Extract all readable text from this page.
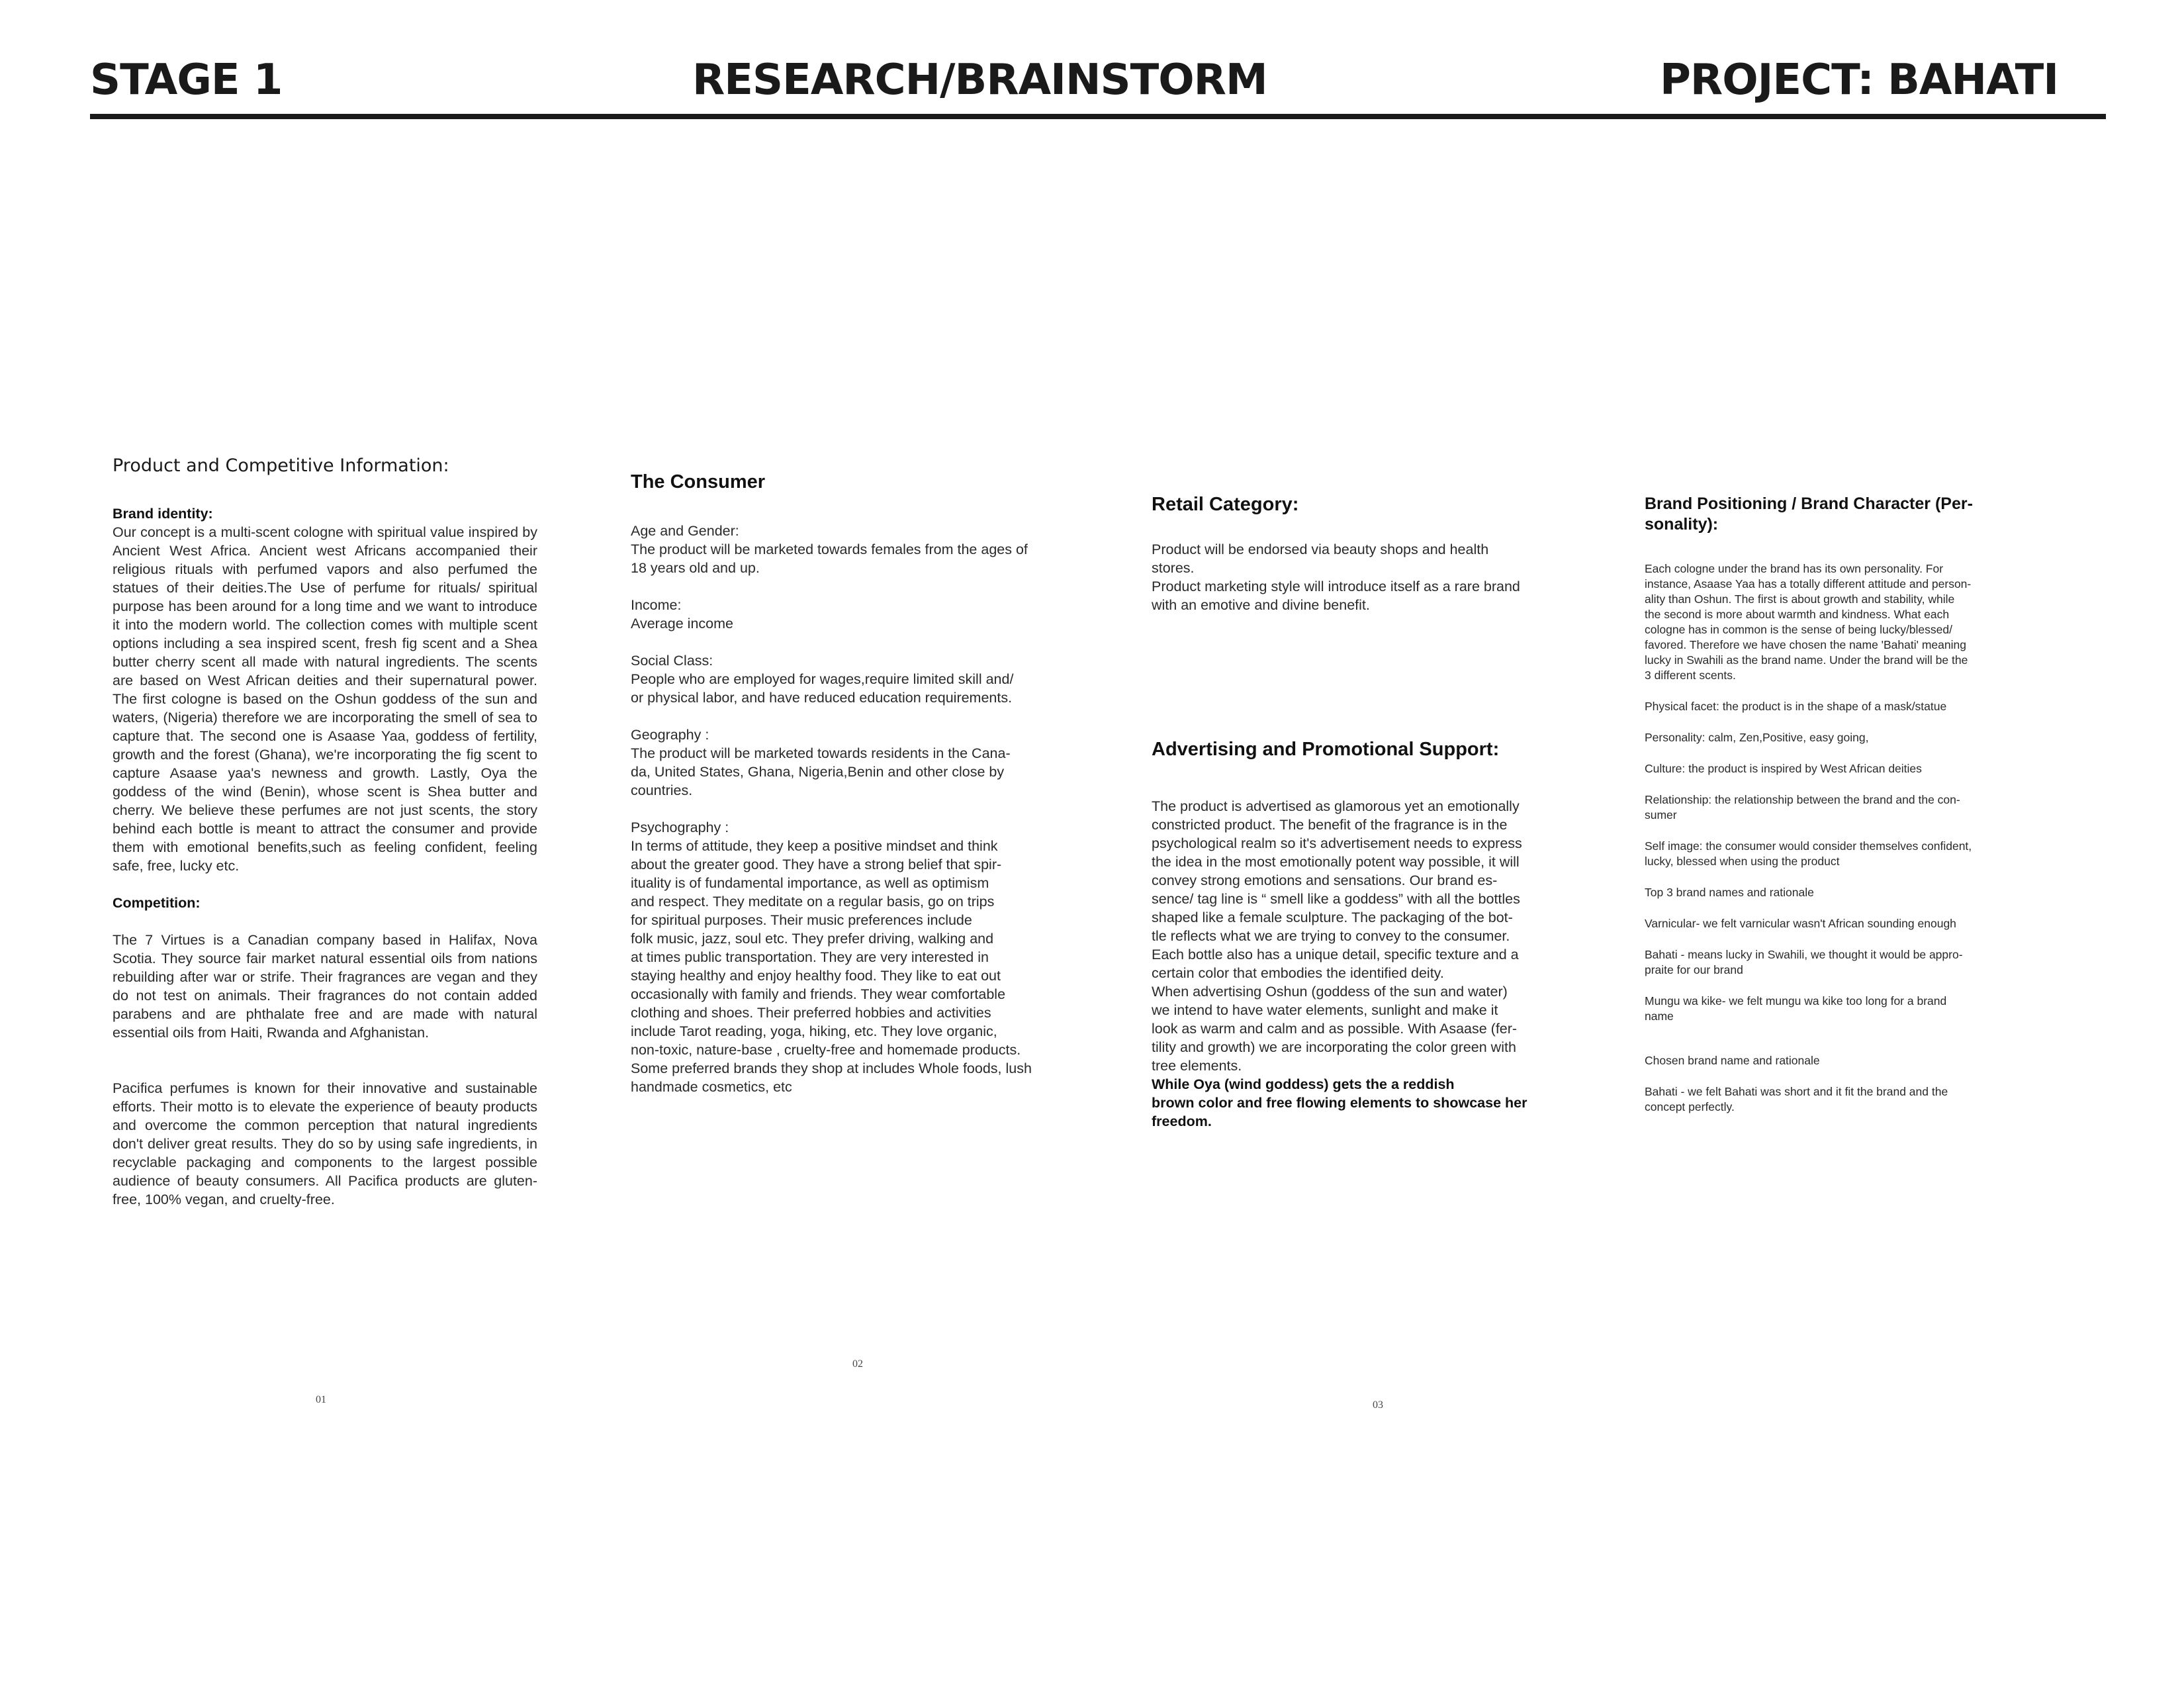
STAGE 1	RESEARCH/BRAINSTORM	PROJECT: BAHATI

Product and Competitive Information:

Brand identity:

Our concept is a multi-scent cologne with spiritual value inspired by Ancient West Africa. Ancient west Africans accompanied their religious rituals with perfumed vapors and also perfumed the statues of their deities.The Use of perfume for rituals/ spiritual purpose has been around for a long time and we want to introduce it into the modern world. The collection comes with multiple scent options including a sea inspired scent, fresh fig scent and a Shea butter cherry scent all made with natural ingredients. The scents are based on West African deities and their supernatural power. The first cologne is based on the Oshun goddess of the sun and waters, (Nigeria) therefore we are incorporating the smell of sea to capture that. The second one is Asaase Yaa, goddess of fertility, growth and the forest (Ghana), we're incorporating the fig scent to capture Asaase yaa's newness and growth. Lastly, Oya the goddess of the wind (Benin), whose scent is Shea butter and cherry. We believe these perfumes are not just scents, the story behind each bottle is meant to attract the consumer and provide them with emotional benefits,such as feeling confident, feeling safe, free, lucky etc.

Competition:

The 7 Virtues is a Canadian company based in Halifax, Nova Scotia. They source fair market natural essential oils from nations rebuilding after war or strife. Their fragrances are vegan and they do not test on animals. Their fragrances do not contain added parabens and are phthalate free and are made with natural essential oils from Haiti, Rwanda and Afghanistan.

Pacifica perfumes is known for their innovative and sustainable efforts. Their motto is to elevate the experience of beauty products and overcome the common perception that natural ingredients don't deliver great results. They do so by using safe ingredients, in recyclable packaging and components to the largest possible audience of beauty consumers. All Pacifica products are gluten-free, 100% vegan, and cruelty-free.

01

The Consumer

Age and Gender:

The product will be marketed towards females from the ages of
18 years old and up.

Income:

Average income

Social Class:

People who are employed for wages,require limited skill and/
or physical labor, and have reduced education requirements.

Geography :

The product will be marketed towards residents in the Cana-
da, United States, Ghana, Nigeria,Benin and other close by
countries.

Psychography :

In terms of attitude, they keep a positive mindset and think
about the greater good. They have a strong belief that spir-
ituality is of fundamental importance, as well as optimism
and respect. They meditate on a regular basis, go on trips
for spiritual purposes. Their music preferences include
folk music, jazz, soul etc. They prefer driving, walking and
at times public transportation. They are very interested in
staying healthy and enjoy healthy food. They like to eat out
occasionally with family and friends. They wear comfortable
clothing and shoes. Their preferred hobbies and activities
include Tarot reading, yoga, hiking, etc. They love organic,
non-toxic, nature-base , cruelty-free and homemade products.
Some preferred brands they shop at includes Whole foods, lush
handmade cosmetics, etc

02

Retail Category:

Product will be endorsed via beauty shops and health
stores.
Product marketing style will introduce itself as a rare brand
with an emotive and divine benefit.

Advertising and Promotional Support:

The product is advertised as glamorous yet an emotionally
constricted product. The benefit of the fragrance is in the
psychological realm so it's advertisement needs to express
the idea in the most emotionally potent way possible, it will
convey strong emotions and sensations. Our brand es-
sence/ tag line is “ smell like a goddess” with all the bottles
shaped like a female sculpture. The packaging of the bot-
tle reflects what we are trying to convey to the consumer.
Each bottle also has a unique detail, specific texture and a
certain color that embodies the identified deity.
When advertising Oshun (goddess of the sun and water)
we intend to have water elements, sunlight and make it
look as warm and calm and as possible. With Asaase (fer-
tility and growth) we are incorporating the color green with
tree elements.

While Oya (wind goddess) gets the a reddish
brown color and free flowing elements to showcase her
freedom.

03

Brand Positioning / Brand Character (Per-
sonality):

Each cologne under the brand has its own personality. For
instance, Asaase Yaa has a totally different attitude and person-
ality than Oshun. The first is about growth and stability, while
the second is more about warmth and kindness. What each
cologne has in common is the sense of being lucky/blessed/
favored. Therefore we have chosen the name 'Bahati' meaning
lucky in Swahili as the brand name. Under the brand will be the
3 different scents.

Physical facet: the product is in the shape of a mask/statue

Personality: calm, Zen,Positive, easy going,

Culture: the product is inspired by West African deities

Relationship: the relationship between the brand and the con-
sumer

Self image: the consumer would consider themselves confident,
lucky, blessed when using the product

Top 3 brand names and rationale

Varnicular- we felt varnicular wasn't African sounding enough

Bahati - means lucky in Swahili, we thought it would be appro-
praite for our brand

Mungu wa kike- we felt mungu wa kike too long for a brand
name

Chosen brand name and rationale

Bahati - we felt Bahati was short and it fit the brand and the
concept perfectly.
